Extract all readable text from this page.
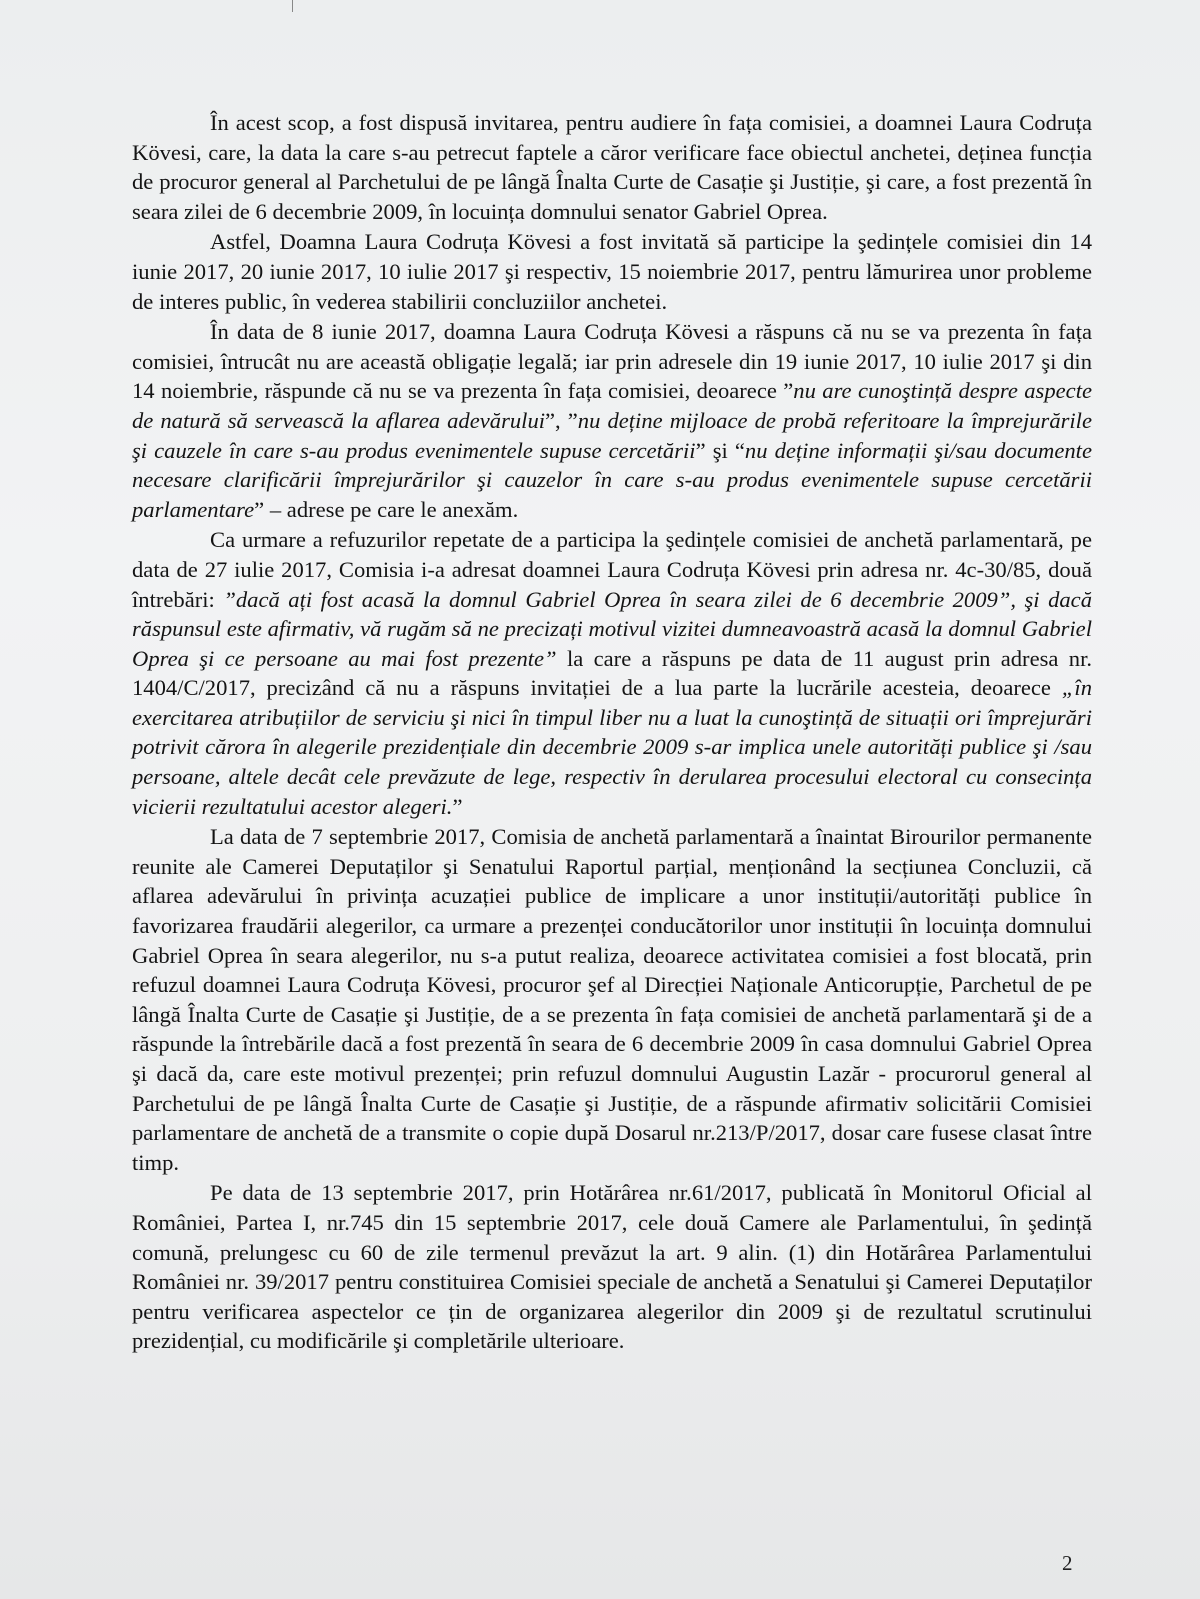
În acest scop, a fost dispusă invitarea, pentru audiere în fața comisiei, a doamnei Laura Codruța Kövesi, care, la data la care s-au petrecut faptele a căror verificare face obiectul anchetei, deținea funcția de procuror general al Parchetului de pe lângă Înalta Curte de Casație şi Justiție, şi care, a fost prezentă în seara zilei de 6 decembrie 2009, în locuința domnului senator Gabriel Oprea.

Astfel, Doamna Laura Codruța Kövesi a fost invitată să participe la şedințele comisiei din 14 iunie 2017, 20 iunie 2017, 10 iulie 2017 şi respectiv, 15 noiembrie 2017, pentru lămurirea unor probleme de interes public, în vederea stabilirii concluziilor anchetei.

În data de 8 iunie 2017, doamna Laura Codruța Kövesi a răspuns că nu se va prezenta în fața comisiei, întrucât nu are această obligație legală; iar prin adresele din 19 iunie 2017, 10 iulie 2017 şi din 14 noiembrie, răspunde că nu se va prezenta în fața comisiei, deoarece ”nu are cunoştință despre aspecte de natură să servească la aflarea adevărului”, ”nu deține mijloace de probă referitoare la împrejurările şi cauzele în care s-au produs evenimentele supuse cercetării” şi “nu deține informații şi/sau documente necesare clarificării împrejurărilor şi cauzelor în care s-au produs evenimentele supuse cercetării parlamentare” – adrese pe care le anexăm.

Ca urmare a refuzurilor repetate de a participa la şedințele comisiei de anchetă parlamentară, pe data de 27 iulie 2017, Comisia i-a adresat doamnei Laura Codruța Kövesi prin adresa nr. 4c-30/85, două întrebări: ”dacă ați fost acasă la domnul Gabriel Oprea în seara zilei de 6 decembrie 2009”, şi dacă răspunsul este afirmativ, vă rugăm să ne precizați motivul vizitei dumneavoastră acasă la domnul Gabriel Oprea şi ce persoane au mai fost prezente” la care a răspuns pe data de 11 august prin adresa nr. 1404/C/2017, precizând că nu a răspuns invitației de a lua parte la lucrările acesteia, deoarece „în exercitarea atribuțiilor de serviciu şi nici în timpul liber nu a luat la cunoştință de situații ori împrejurări potrivit cărora în alegerile prezidențiale din decembrie 2009 s-ar implica unele autorități publice şi /sau persoane, altele decât cele prevăzute de lege, respectiv în derularea procesului electoral cu consecința vicierii rezultatului acestor alegeri.”

La data de 7 septembrie 2017, Comisia de anchetă parlamentară a înaintat Birourilor permanente reunite ale Camerei Deputaților şi Senatului Raportul parțial, menționând la secțiunea Concluzii, că aflarea adevărului în privința acuzației publice de implicare a unor instituții/autorități publice în favorizarea fraudării alegerilor, ca urmare a prezenței conducătorilor unor instituții în locuința domnului Gabriel Oprea în seara alegerilor, nu s-a putut realiza, deoarece activitatea comisiei a fost blocată, prin refuzul doamnei Laura Codruța Kövesi, procuror şef al Direcției Naționale Anticorupție, Parchetul de pe lângă Înalta Curte de Casație şi Justiție, de a se prezenta în fața comisiei de anchetă parlamentară şi de a răspunde la întrebările dacă a fost prezentă în seara de 6 decembrie 2009 în casa domnului Gabriel Oprea şi dacă da, care este motivul prezenței; prin refuzul domnului Augustin Lazăr - procurorul general al Parchetului de pe lângă Înalta Curte de Casație şi Justiție, de a răspunde afirmativ solicitării Comisiei parlamentare de anchetă de a transmite o copie după Dosarul nr.213/P/2017, dosar care fusese clasat între timp.

Pe data de 13 septembrie 2017, prin Hotărârea nr.61/2017, publicată în Monitorul Oficial al României, Partea I, nr.745 din 15 septembrie 2017, cele două Camere ale Parlamentului, în şedință comună, prelungesc cu 60 de zile termenul prevăzut la art. 9 alin. (1) din Hotărârea Parlamentului României nr. 39/2017 pentru constituirea Comisiei speciale de anchetă a Senatului şi Camerei Deputaților pentru verificarea aspectelor ce țin de organizarea alegerilor din 2009 şi de rezultatul scrutinului prezidențial, cu modificările şi completările ulterioare.

2
